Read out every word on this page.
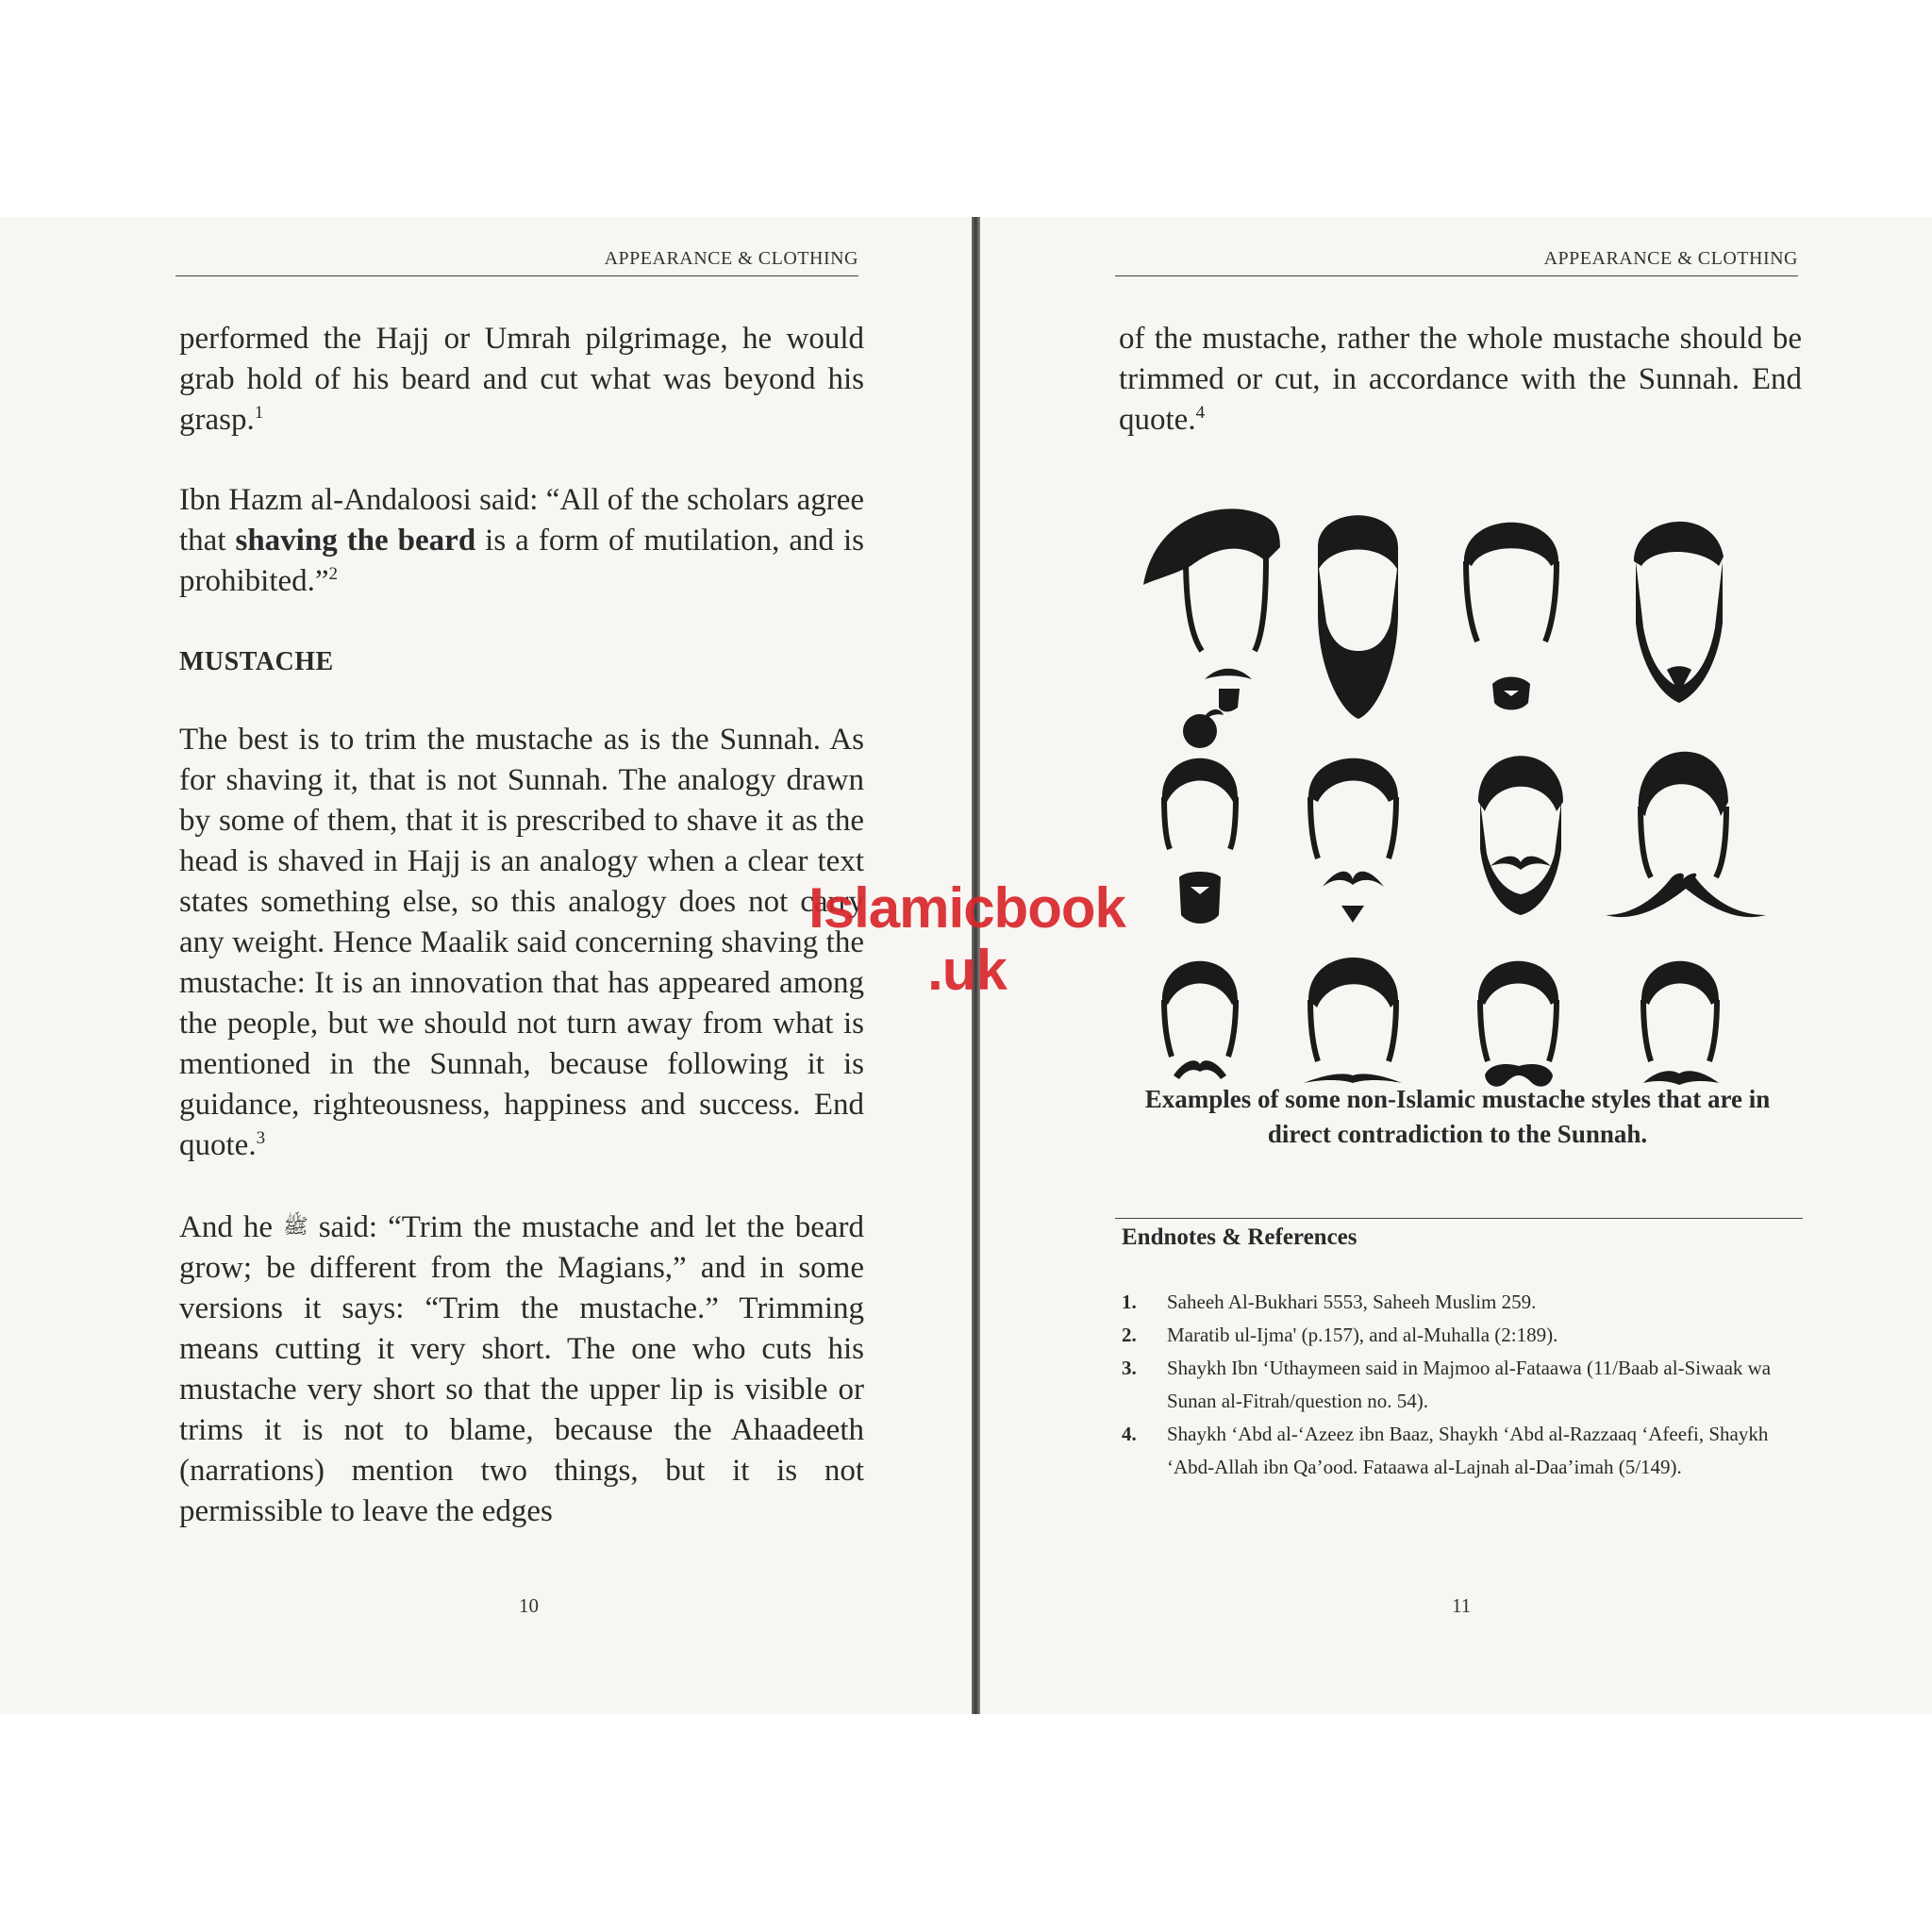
APPEARANCE & CLOTHING

performed the Hajj or Umrah pilgrimage, he would grab hold of his beard and cut what was beyond his grasp.$^1$

Ibn Hazm al-Andaloosi said: “All of the scholars agree that shaving the beard is a form of mutilation, and is prohibited.”$^2$

MUSTACHE

The best is to trim the mustache as is the Sunnah. As for shaving it, that is not Sunnah. The analogy drawn by some of them, that it is prescribed to shave it as the head is shaved in Hajj is an analogy when a clear text states something else, so this analogy does not carry any weight. Hence Maalik said concerning shaving the mustache: It is an innovation that has appeared among the people, but we should not turn away from what is mentioned in the Sunnah, because following it is guidance, righteousness, happiness and success. End quote.$^3$

And he ﷺ said: “Trim the mustache and let the beard grow; be different from the Magians,” and in some versions it says: “Trim the mustache.” Trimming means cutting it very short. The one who cuts his mustache very short so that the upper lip is visible or trims it is not to blame, because the Ahaadeeth (narrations) mention two things, but it is not permissible to leave the edges

10
APPEARANCE & CLOTHING

of the mustache, rather the whole mustache should be trimmed or cut, in accordance with the Sunnah. End quote.$^4$

Examples of some non-Islamic mustache styles that are in direct contradiction to the Sunnah.
Endnotes & References
1.	Saheeh Al-Bukhari 5553, Saheeh Muslim 259.
2.	Maratib ul-Ijma' (p.157), and al-Muhalla (2:189).
3.	Shaykh Ibn ‘Uthaymeen said in Majmoo al-Fataawa (11/Baab al-Siwaak wa Sunan al-Fitrah/question no. 54).
4.	Shaykh ‘Abd al-‘Azeez ibn Baaz, Shaykh ‘Abd al-Razzaaq ‘Afeefi, Shaykh ‘Abd-Allah ibn Qa’ood. Fataawa al-Lajnah al-Daa’imah (5/149).
11
Islamicbook
.uk
